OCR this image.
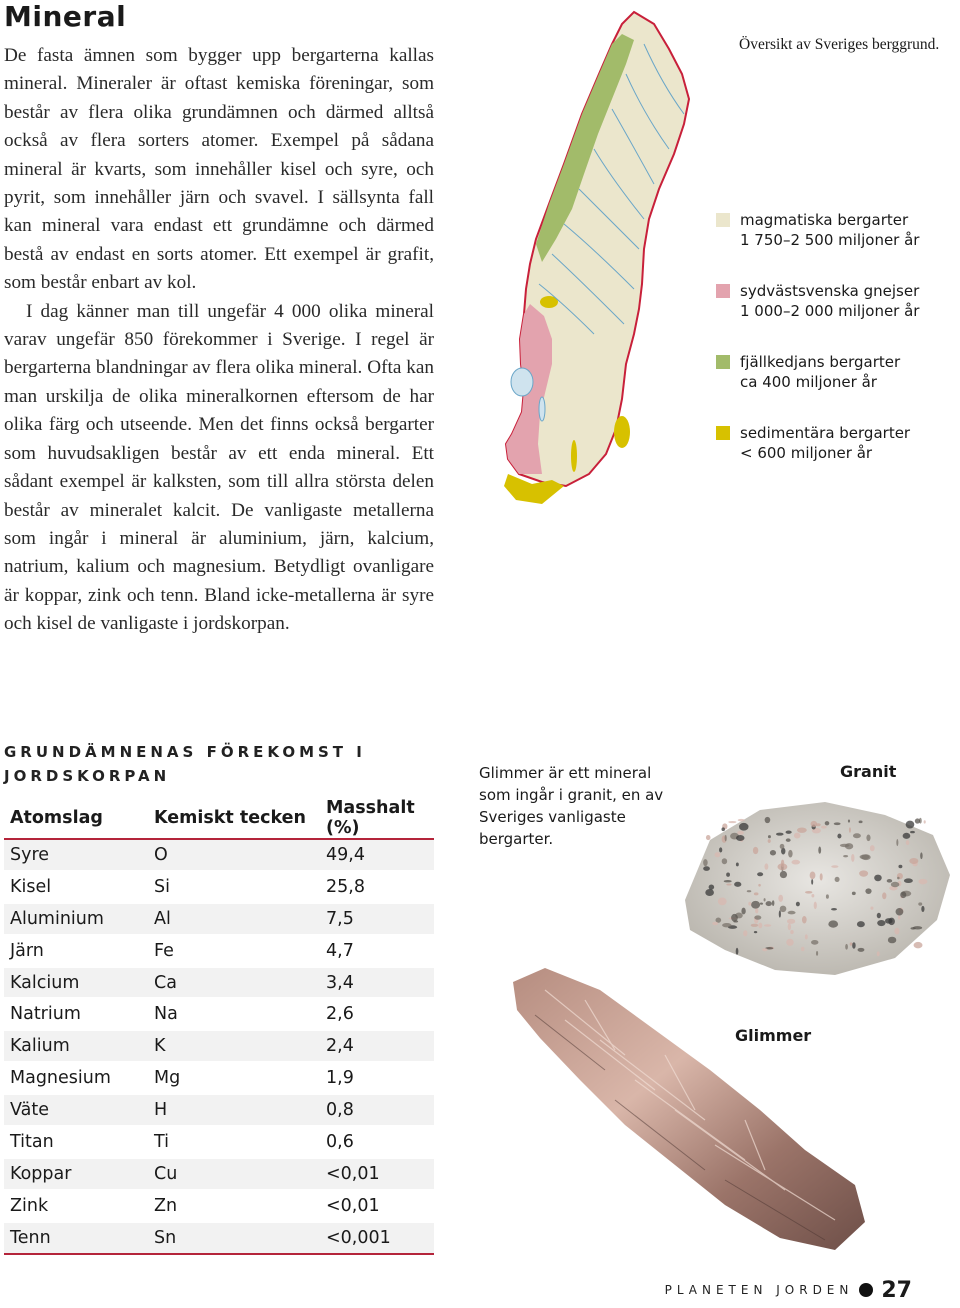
Mineral

De fasta ämnen som bygger upp bergarterna kallas mineral. Mineraler är oftast kemiska föreningar, som består av flera olika grundämnen och därmed alltså också av flera sorters atomer. Exempel på sådana mineral är kvarts, som innehåller kisel och syre, och pyrit, som innehåller järn och svavel. I sällsynta fall kan mineral vara endast ett grundämne och därmed bestå av endast en sorts atomer. Ett exempel är grafit, som består enbart av kol.

I dag känner man till ungefär 4 000 olika mineral varav ungefär 850 förekommer i Sverige. I regel är bergarterna blandningar av flera olika mineral. Ofta kan man urskilja de olika mineralkornen eftersom de har olika färg och utseende. Men det finns också bergarter som huvudsakligen består av ett enda mineral. Ett sådant exempel är kalksten, som till allra största delen består av mineralet kalcit. De vanligaste metallerna som ingår i mineral är aluminium, järn, kalcium, natrium, kalium och magnesium. Betydligt ovanligare är koppar, zink och tenn. Bland icke-metallerna är syre och kisel de vanligaste i jordskorpan.

Översikt av Sveriges berggrund.
magmatiska bergarter
1 750–2 500 miljoner år
sydvästsvenska gnejser
1 000–2 000 miljoner år
fjällkedjans bergarter
ca 400 miljoner år
sedimentära bergarter
< 600 miljoner år
GRUNDÄMNENAS FÖREKOMST I
JORDSKORPAN
Atomslag	Kemiskt tecken	Masshalt (%)
Syre	O	49,4
Kisel	Si	25,8
Aluminium	Al	7,5
Järn	Fe	4,7
Kalcium	Ca	3,4
Natrium	Na	2,6
Kalium	K	2,4
Magnesium	Mg	1,9
Väte	H	0,8
Titan	Ti	0,6
Koppar	Cu	<0,01
Zink	Zn	<0,01
Tenn	Sn	<0,001
Glimmer är ett mineral som ingår i granit, en av Sveriges vanligaste bergarter.
Granit
Glimmer
PLANETEN JORDEN 27
